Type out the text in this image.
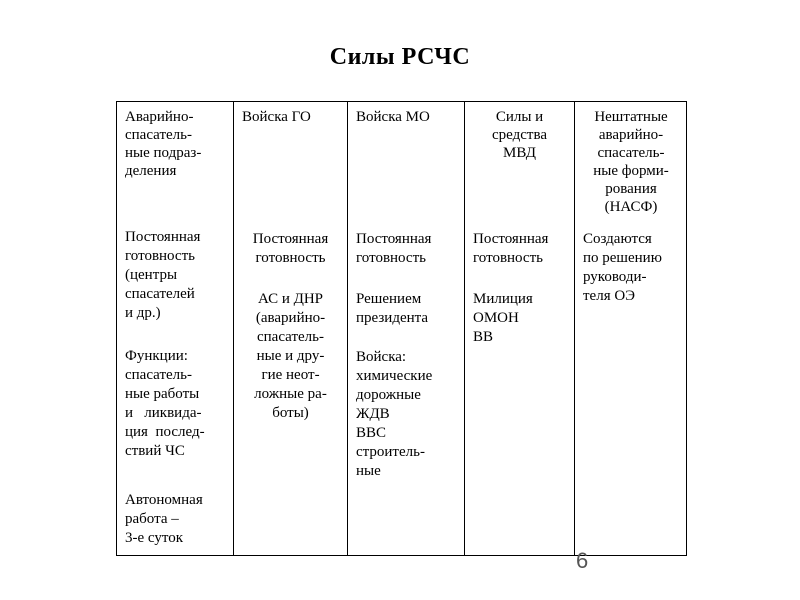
Силы РСЧС
Аварийно-
спасатель-
ные подраз-
деления
Постоянная
готовность
(центры
спасателей
и др.)
Функции:
спасатель-
ные работы
и   ликвида-
ция  послед-
ствий ЧС
Автономная
работа –
3-е суток
Войска ГО
Постоянная
готовность
АС и ДНР
(аварийно-
спасатель-
ные и дру-
гие неот-
ложные ра-
боты)
Войска МО
Постоянная
готовность
Решением
президента
Войска:
химические
дорожные
ЖДВ
ВВС
строитель-
ные
Силы и
средства
МВД
Постоянная
готовность
Милиция
ОМОН
ВВ
Нештатные
аварийно-
спасатель-
ные форми-
рования
(НАСФ)
Создаются
по решению
руководи-
теля ОЭ
6
